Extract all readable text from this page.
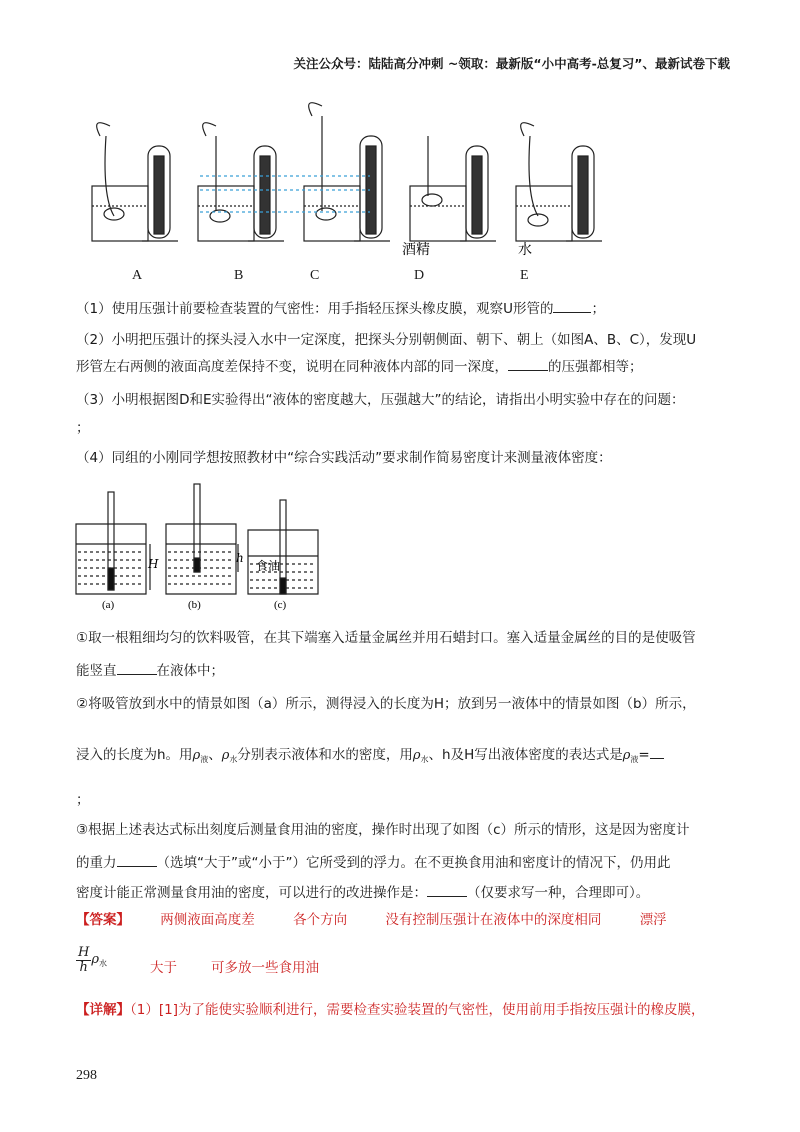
关注公众号：陆陆高分冲刺 ~领取：最新版“小中高考-总复习”、最新试卷下载
酒精	水
A	B	C	D	E
（1）使用压强计前要检查装置的气密性：用手指轻压探头橡皮膜，观察U形管的	；
（2）小明把压强计的探头浸入水中一定深度，把探头分别朝侧面、朝下、朝上（如图A、B、C），发现U
形管左右两侧的液面高度差保持不变，说明在同种液体内部的同一深度，	的压强都相等；
（3）小明根据图D和E实验得出“液体的密度越大，压强越大”的结论，请指出小明实验中存在的问题：
；
（4）同组的小刚同学想按照教材中“综合实践活动”要求制作简易密度计来测量液体密度：
H	h
食油
(a)	(b)	(c)
①取一根粗细均匀的饮料吸管，在其下端塞入适量金属丝并用石蜡封口。塞入适量金属丝的目的是使吸管
能竖直	在液体中；
②将吸管放到水中的情景如图（a）所示，测得浸入的长度为H；放到另一液体中的情景如图（b）所示，
浸入的长度为h。用$\rho_液$、$\rho_水$分别表示液体和水的密度，用$\rho_水$、h及H写出液体密度的表达式是$\rho_液=$
；
③根据上述表达式标出刻度后测量食用油的密度，操作时出现了如图（c）所示的情形，这是因为密度计
的重力	（选填“大于”或“小于”）它所受到的浮力。在不更换食用油和密度计的情况下，仍用此
密度计能正常测量食用油的密度，可以进行的改进操作是：	（仅要求写一种，合理即可）。
【答案】 两侧液面高度差	各个方向	没有控制压强计在液体中的深度相同	漂浮
$\frac{H}{h} \rho_水$	大于	可多放一些食用油
【详解】（1）[1]为了能使实验顺利进行，需要检查实验装置的气密性，使用前用手指按压强计的橡皮膜，
298
